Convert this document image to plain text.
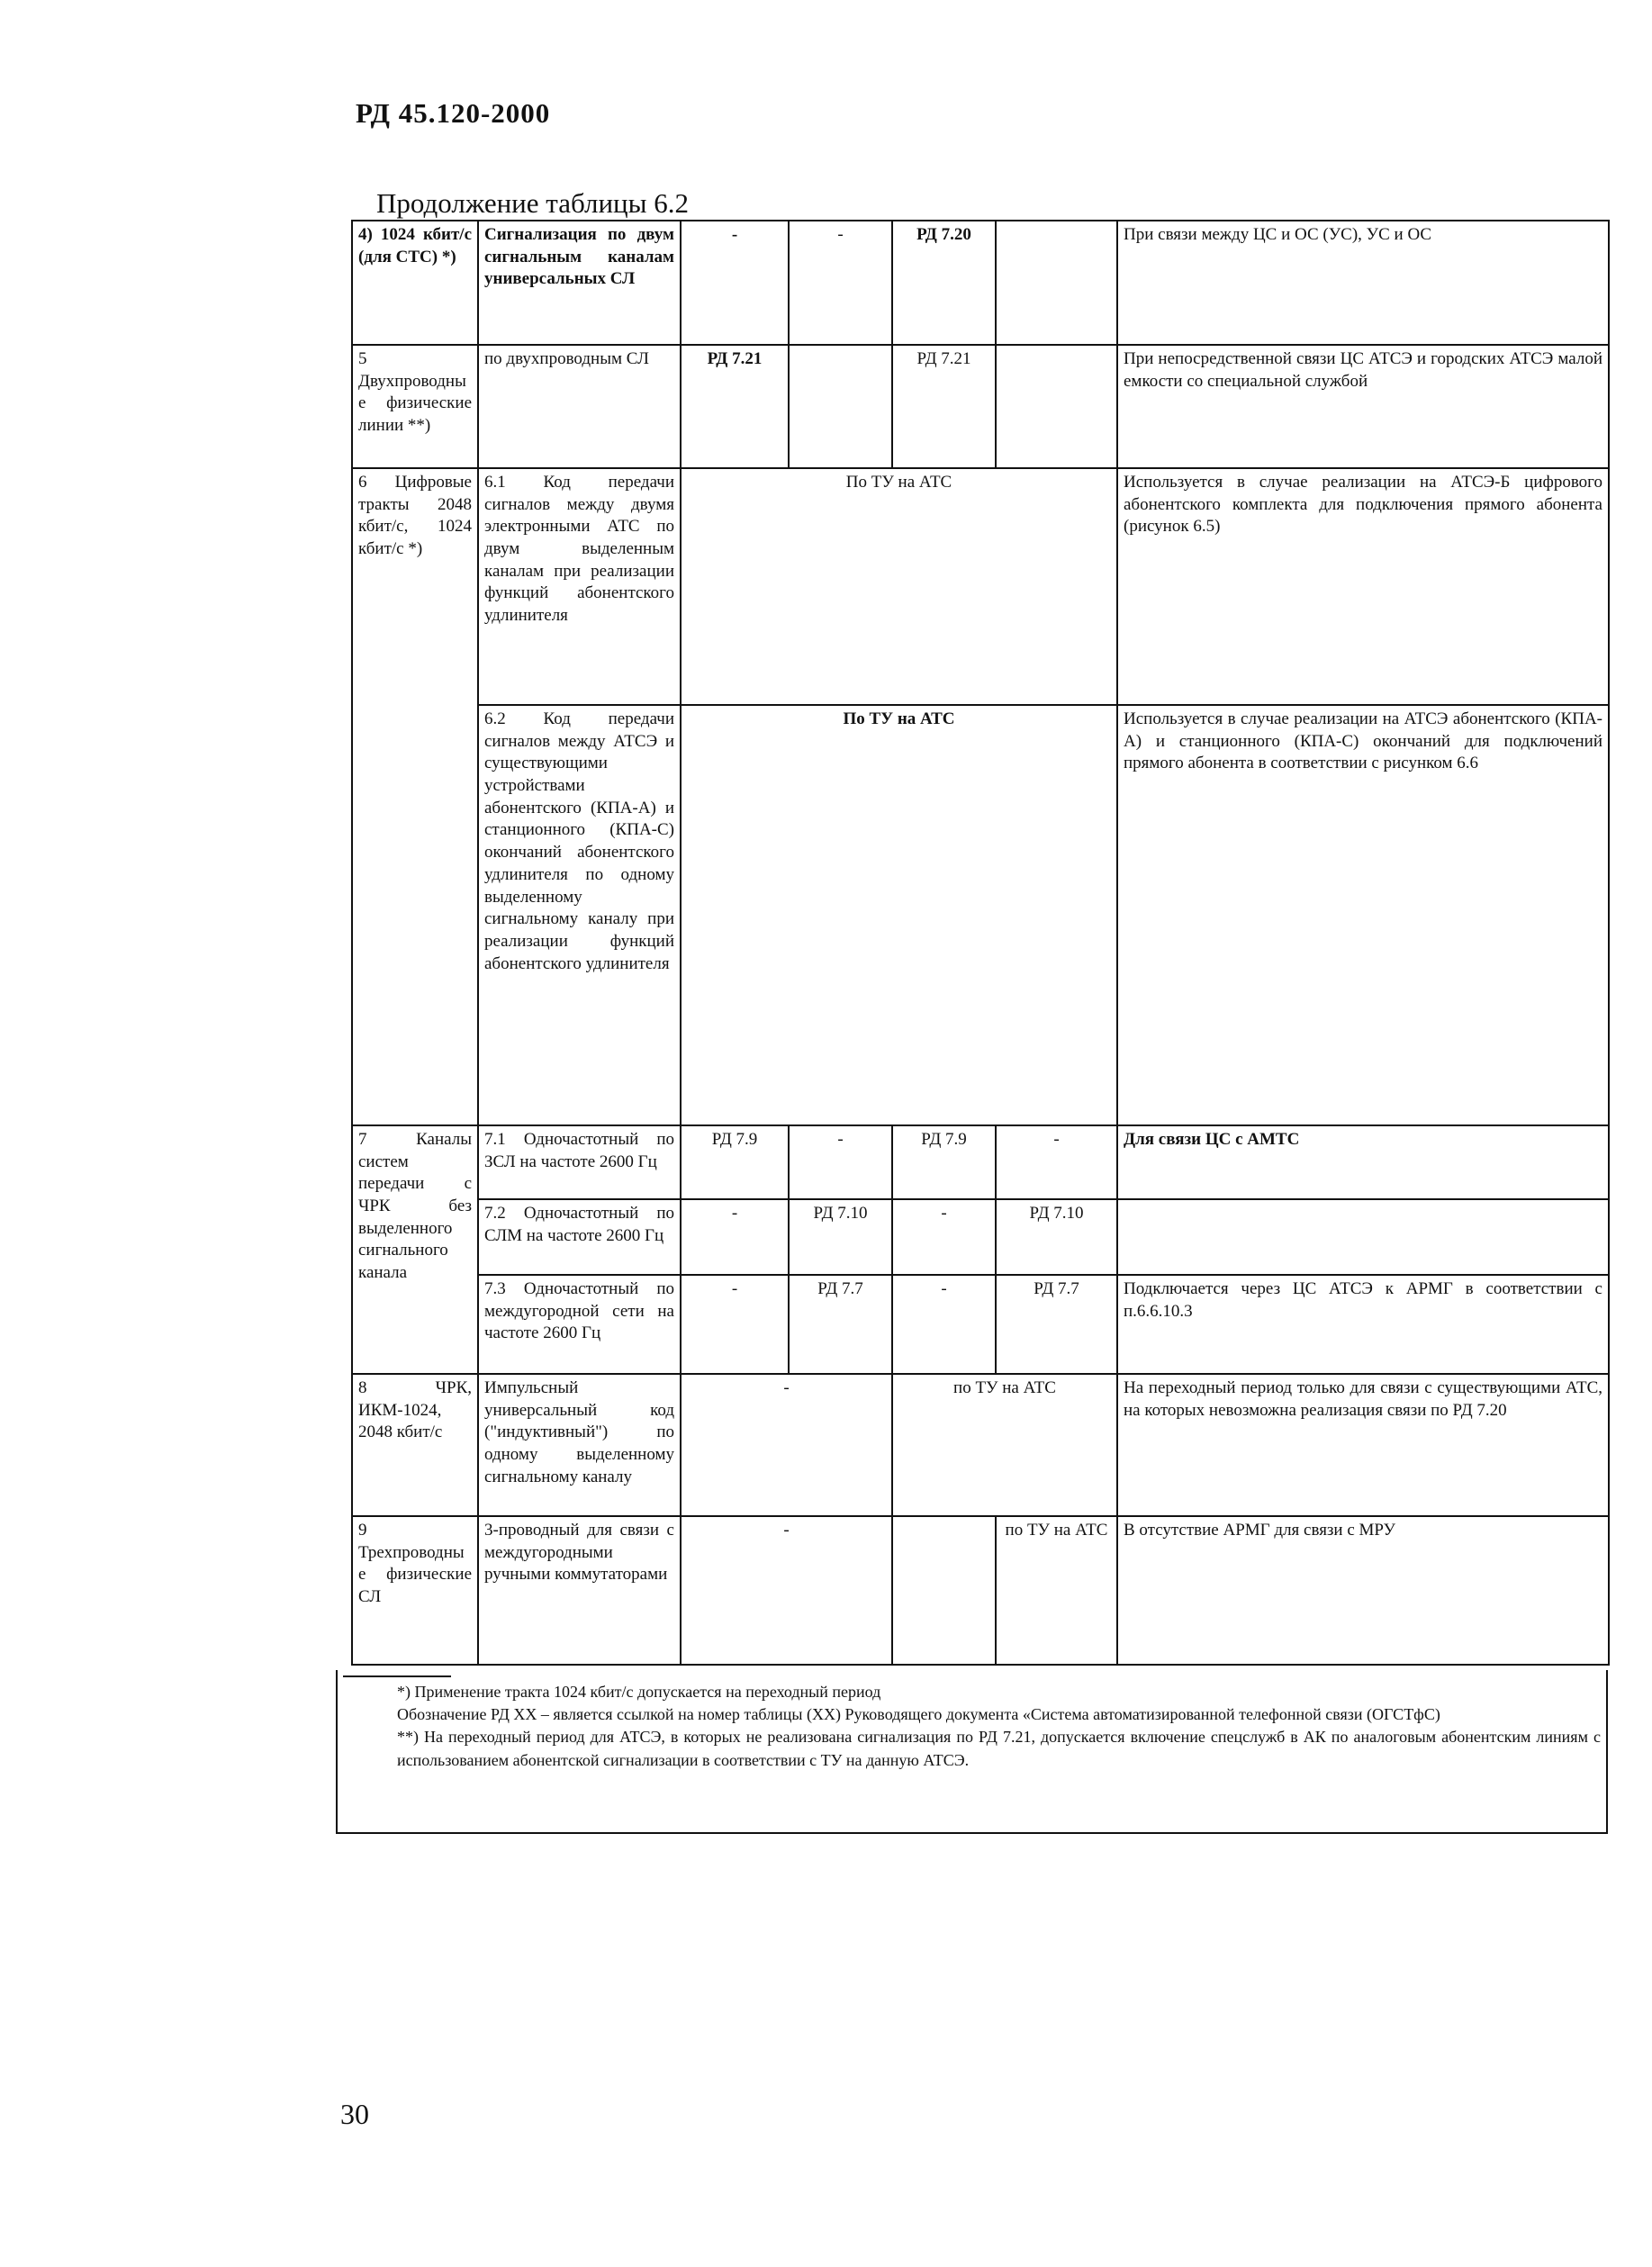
РД 45.120-2000
Продолжение таблицы 6.2
4) 1024 кбит/с (для СТС) *)	Сигнализация по двум сигнальным каналам универсальных СЛ	-	-	РД 7.20		При связи между ЦС и ОС (УС), УС и ОС
5 Двухпроводные физические линии **)	по двухпроводным СЛ	РД 7.21		РД 7.21		При непосредственной связи ЦС АТСЭ и городских АТСЭ малой емкости со специальной службой
6 Цифровые тракты 2048 кбит/с, 1024 кбит/с *)	6.1 Код передачи сигналов между двумя электронными АТС по двум выделенным каналам при реализации функций абонентского удлинителя	По ТУ на АТС				Используется в случае реализации на АТСЭ-Б цифрового абонентского комплекта для подключения прямого абонента (рисунок 6.5)
	6.2 Код передачи сигналов между АТСЭ и существующими устройствами абонентского (КПА-А) и станционного (КПА-С) окончаний абонентского удлинителя по одному выделенному сигнальному каналу при реализации функций абонентского удлинителя	По ТУ на АТС				Используется в случае реализации на АТСЭ абонентского (КПА-А) и станционного (КПА-С) окончаний для подключений прямого абонента в соответствии с рисунком 6.6
7 Каналы систем передачи с ЧРК без выделенного сигнального канала	7.1 Одночастотный по ЗСЛ на частоте 2600 Гц	РД 7.9	-	РД 7.9	-	Для связи ЦС с АМТС
	7.2 Одночастотный по СЛМ на частоте 2600 Гц	-	РД 7.10	-	РД 7.10	
	7.3 Одночастотный по междугородной сети на частоте 2600 Гц	-	РД 7.7	-	РД 7.7	Подключается через ЦС АТСЭ к АРМГ в соответствии с п.6.6.10.3
8 ЧРК, ИКМ-1024, 2048 кбит/с	Импульсный универсальный код ("индуктивный") по одному выделенному сигнальному каналу	-		по ТУ на АТС		На переходный период только для связи с существующими АТС, на которых невозможна реализация связи по РД 7.20
9 Трехпроводные физические СЛ	3-проводный для связи с междугородными ручными коммутаторами	-			по ТУ на АТС	В отсутствие АРМГ для связи с МРУ
*) Применение тракта 1024 кбит/с допускается на переходный период
Обозначение РД XX – является ссылкой на номер таблицы (XX) Руководящего документа «Система автоматизированной телефонной связи (ОГСТфС)
**) На переходный период для АТСЭ, в которых не реализована сигнализация по РД 7.21, допускается включение спецслужб в АК по аналоговым абонентским линиям с использованием абонентской сигнализации в соответствии с ТУ на данную АТСЭ.
30
